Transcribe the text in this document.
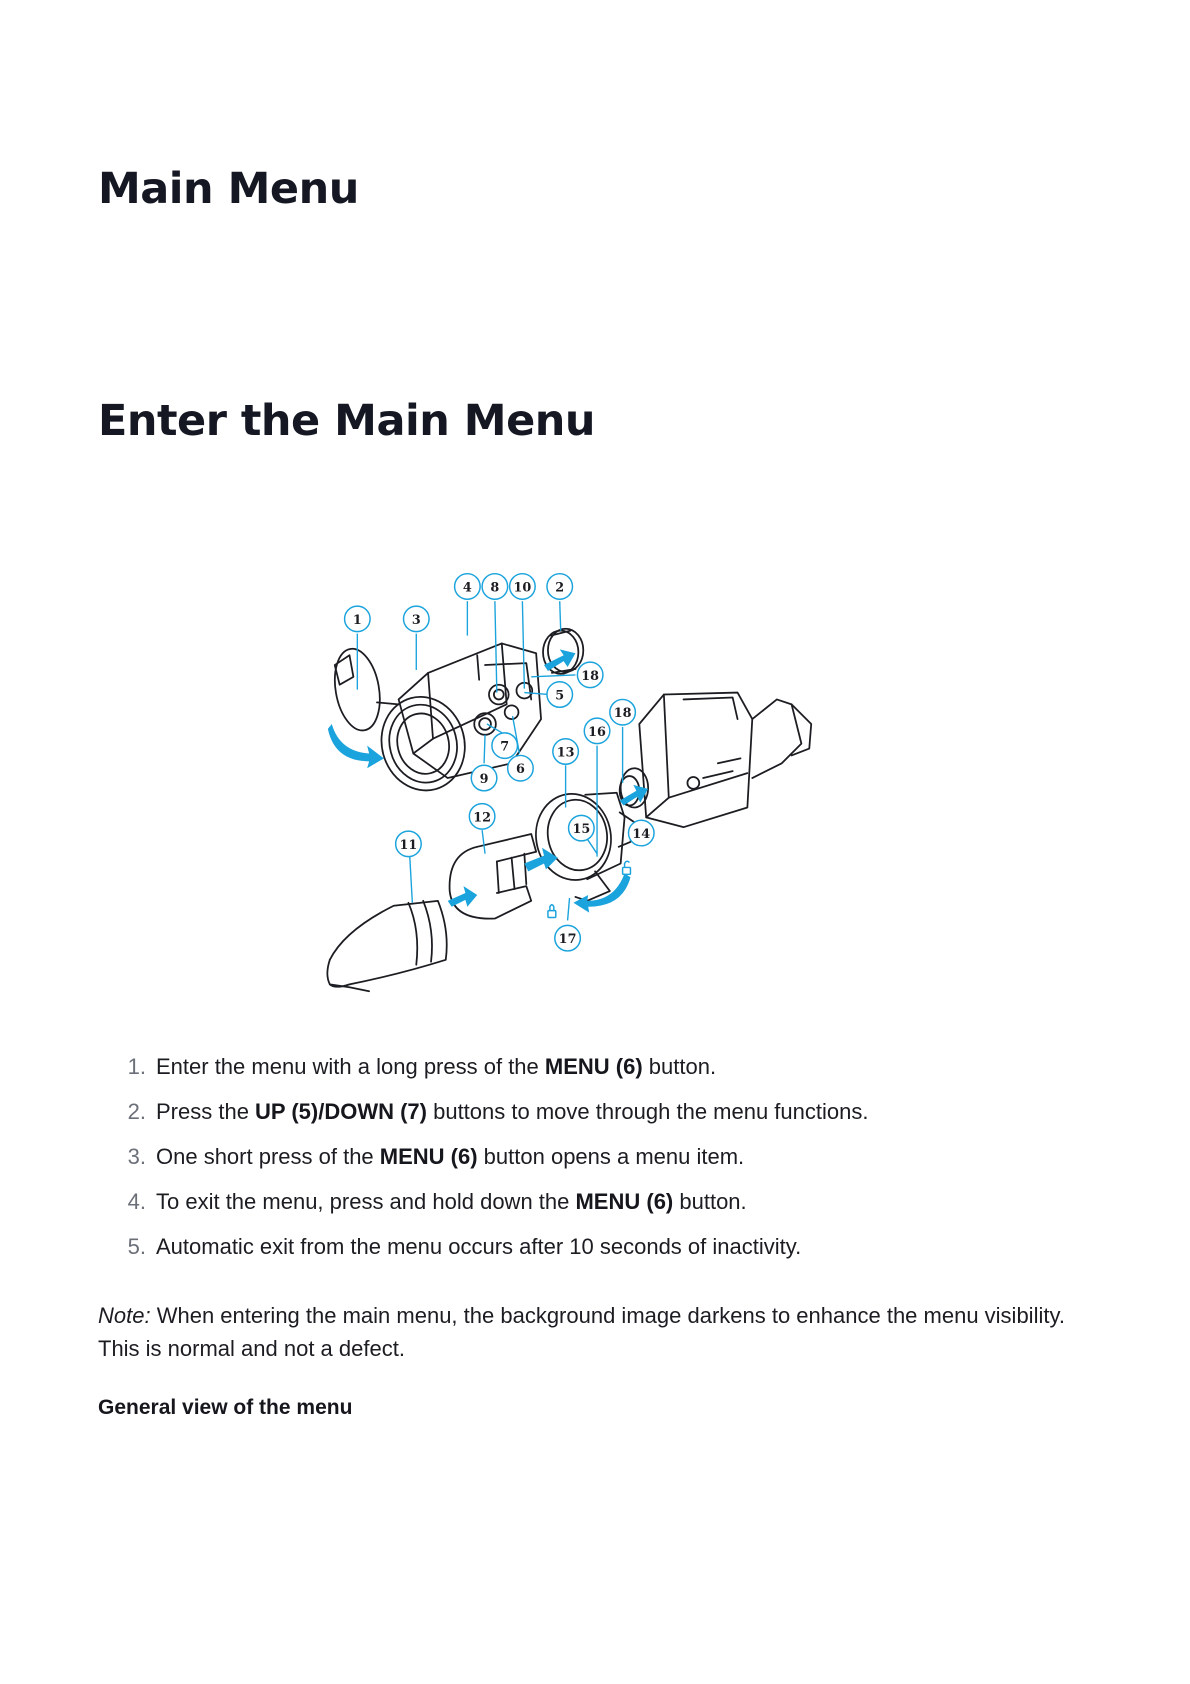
Main Menu
Enter the Main Menu
1	3
4 8 10 2
18
5
7
6
9
13
16
18
12
11
15	14
17
1. Enter the menu with a long press of the MENU (6) button.
2. Press the UP (5)/DOWN (7) buttons to move through the menu functions.
3. One short press of the MENU (6) button opens a menu item.
4. To exit the menu, press and hold down the MENU (6) button.
5. Automatic exit from the menu occurs after 10 seconds of inactivity.

Note: When entering the main menu, the background image darkens to enhance the menu visibility. This is normal and not a defect.

General view of the menu
